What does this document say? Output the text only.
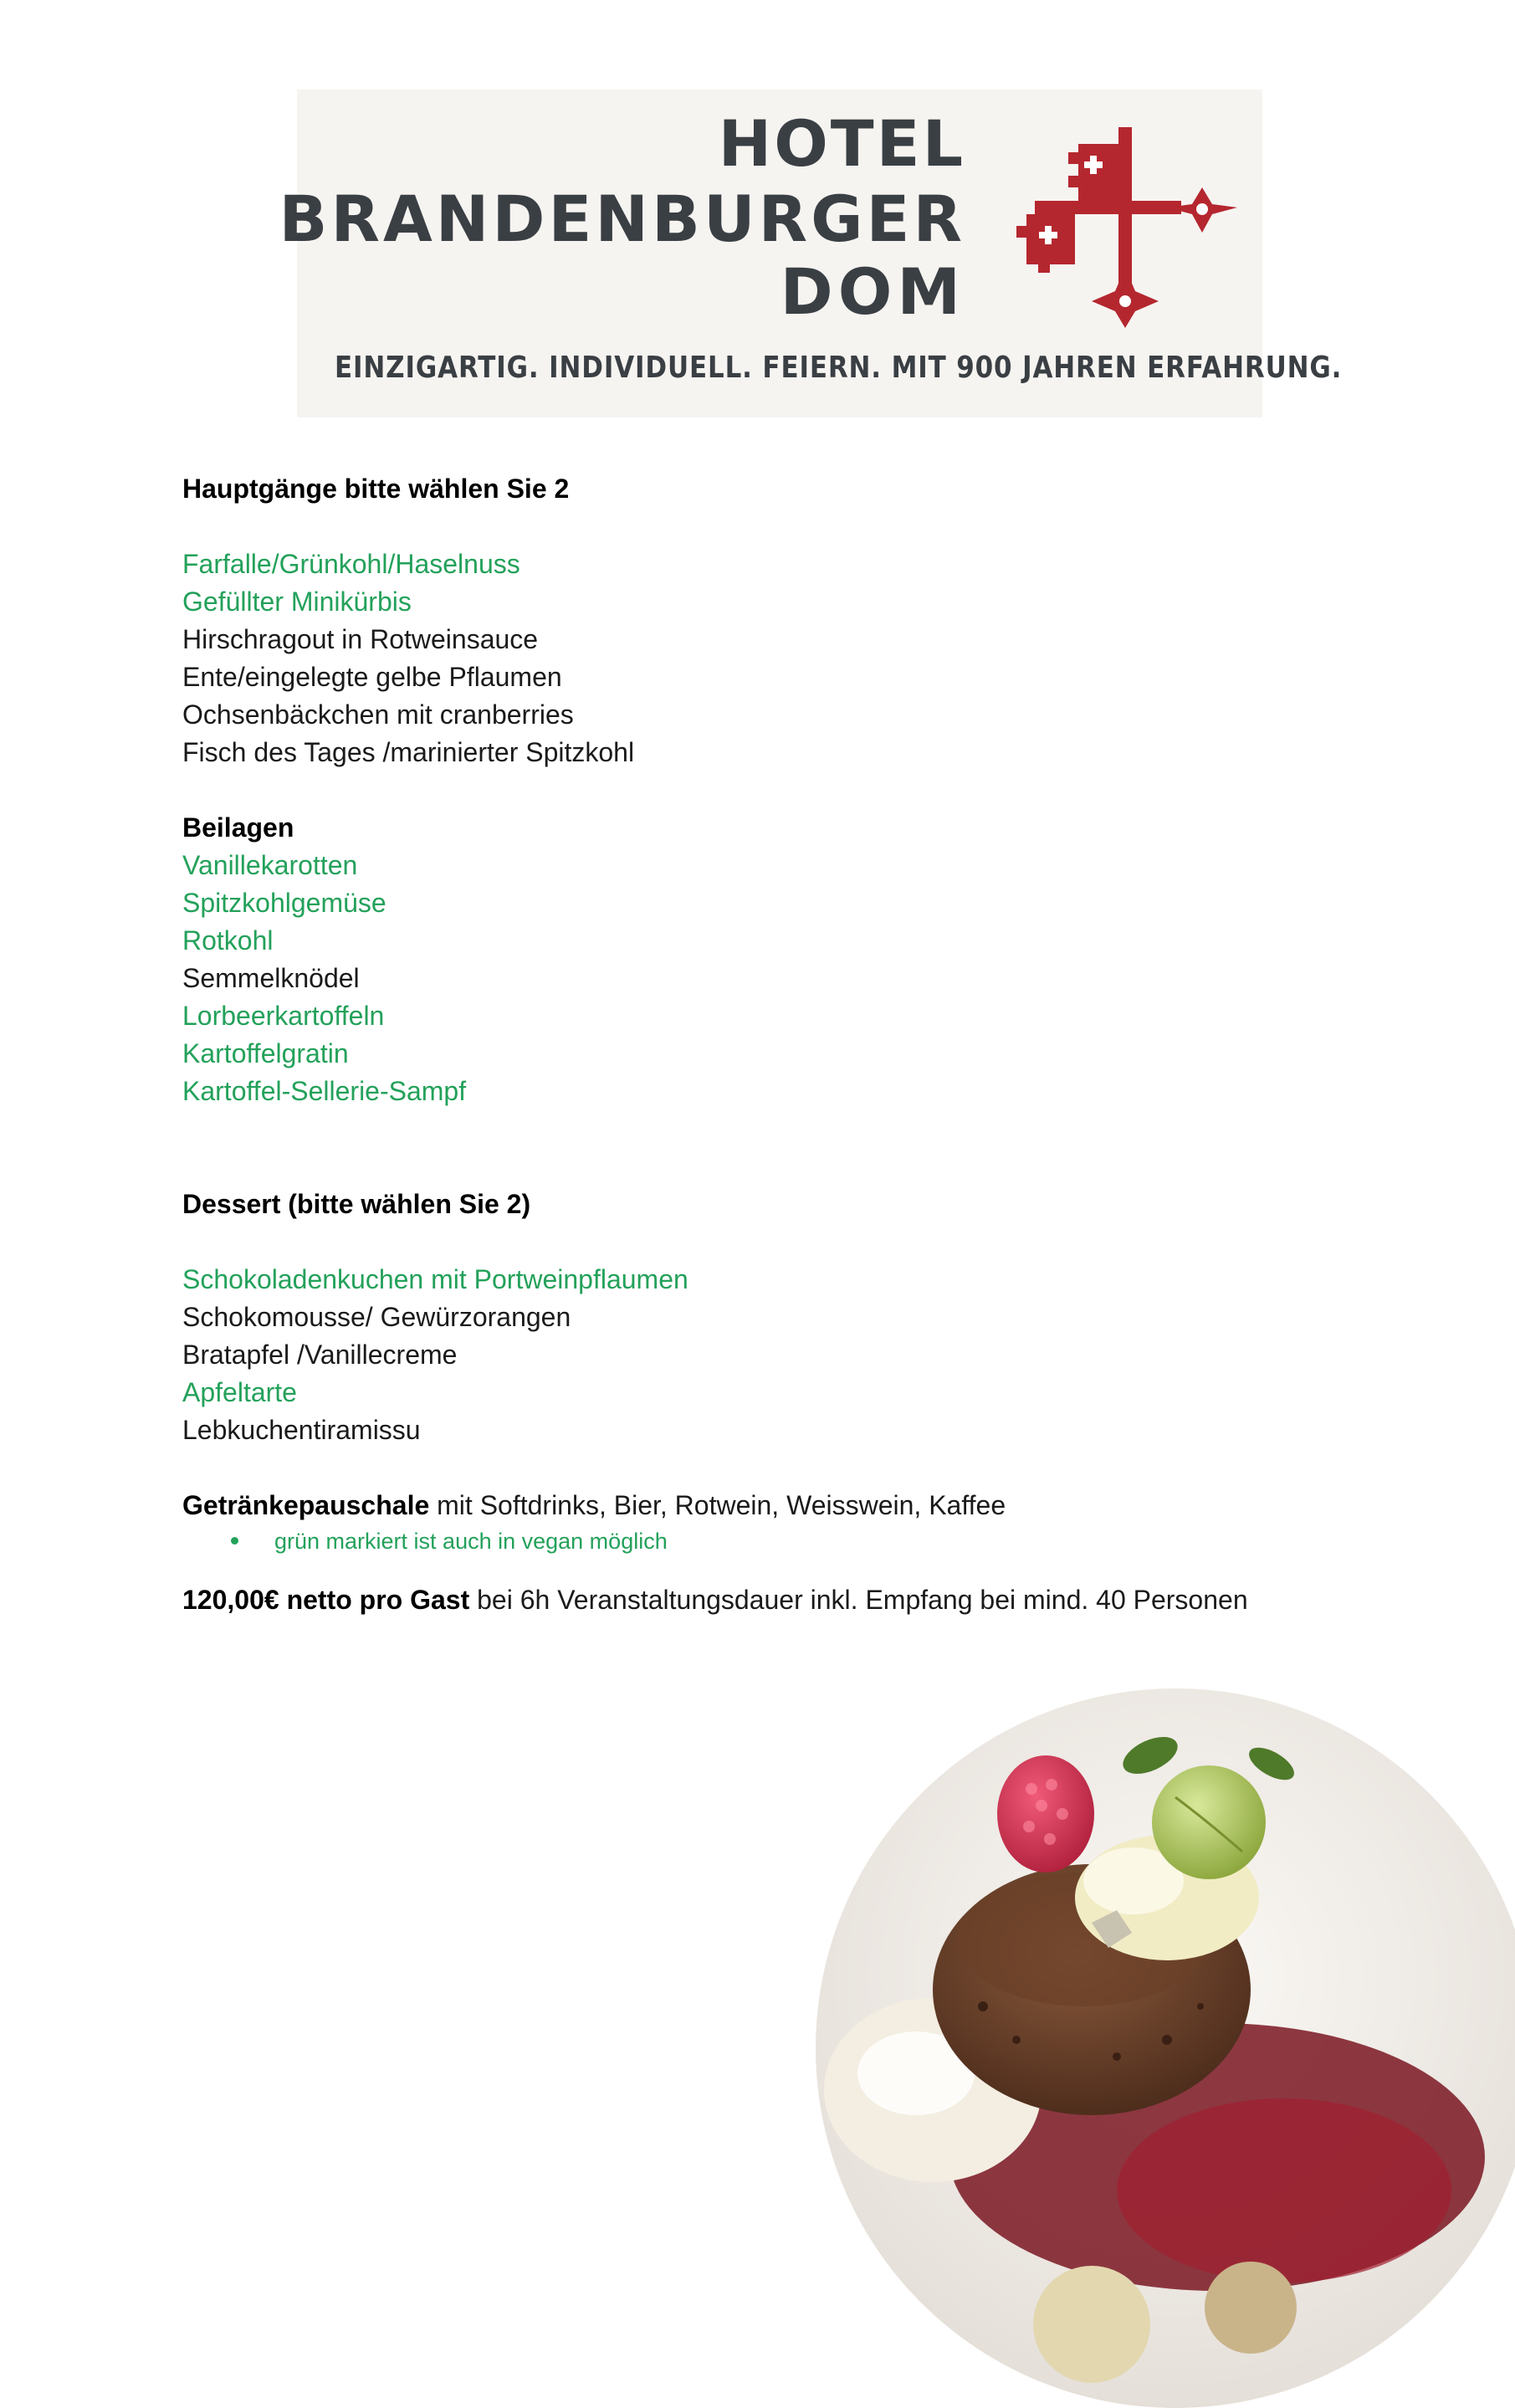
HOTEL
BRANDENBURGER
DOM
EINZIGARTIG. INDIVIDUELL. FEIERN. MIT 900 JAHREN ERFAHRUNG.

Hauptgänge bitte wählen Sie 2

Farfalle/Grünkohl/Haselnuss

Gefüllter Minikürbis

Hirschragout in Rotweinsauce

Ente/eingelegte gelbe Pflaumen

Ochsenbäckchen mit cranberries

Fisch des Tages /marinierter Spitzkohl

Beilagen

Vanillekarotten

Spitzkohlgemüse

Rotkohl

Semmelknödel

Lorbeerkartoffeln

Kartoffelgratin

Kartoffel-Sellerie-Sampf

Dessert (bitte wählen Sie 2)

Schokoladenkuchen mit Portweinpflaumen

Schokomousse/ Gewürzorangen

Bratapfel /Vanillecreme

Apfeltarte

Lebkuchentiramissu

Getränkepauschale mit Softdrinks, Bier, Rotwein, Weisswein, Kaffee

grün markiert ist auch in vegan möglich

120,00€ netto pro Gast bei 6h Veranstaltungsdauer inkl. Empfang bei mind. 40 Personen
